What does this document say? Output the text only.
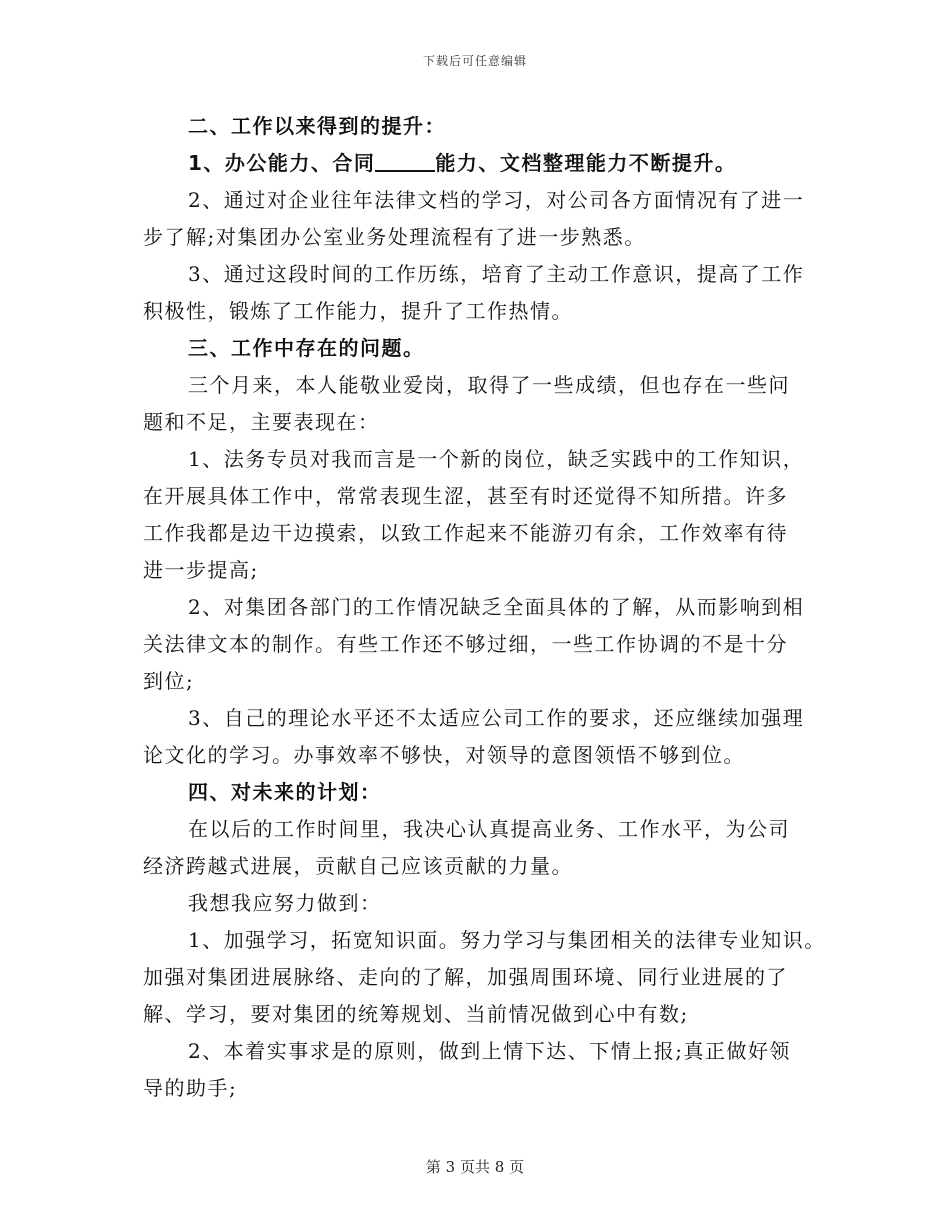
下载后可任意编辑
二、工作以来得到的提升：
1、办公能力、合同	能力、文档整理能力不断提升。
2、通过对企业往年法律文档的学习，对公司各方面情况有了进一
步了解;对集团办公室业务处理流程有了进一步熟悉。
3、通过这段时间的工作历练，培育了主动工作意识，提高了工作
积极性，锻炼了工作能力，提升了工作热情。
三、工作中存在的问题。
三个月来，本人能敬业爱岗，取得了一些成绩，但也存在一些问
题和不足，主要表现在：
1、法务专员对我而言是一个新的岗位，缺乏实践中的工作知识，
在开展具体工作中，常常表现生涩，甚至有时还觉得不知所措。许多
工作我都是边干边摸索，以致工作起来不能游刃有余，工作效率有待
进一步提高;
2、对集团各部门的工作情况缺乏全面具体的了解，从而影响到相
关法律文本的制作。有些工作还不够过细，一些工作协调的不是十分
到位;
3、自己的理论水平还不太适应公司工作的要求，还应继续加强理
论文化的学习。办事效率不够快，对领导的意图领悟不够到位。
四、对未来的计划：
在以后的工作时间里，我决心认真提高业务、工作水平，为公司
经济跨越式进展，贡献自己应该贡献的力量。
我想我应努力做到：
1、加强学习，拓宽知识面。努力学习与集团相关的法律专业知识。
加强对集团进展脉络、走向的了解，加强周围环境、同行业进展的了
解、学习，要对集团的统筹规划、当前情况做到心中有数;
2、本着实事求是的原则，做到上情下达、下情上报;真正做好领
导的助手;
第 3 页共 8 页
